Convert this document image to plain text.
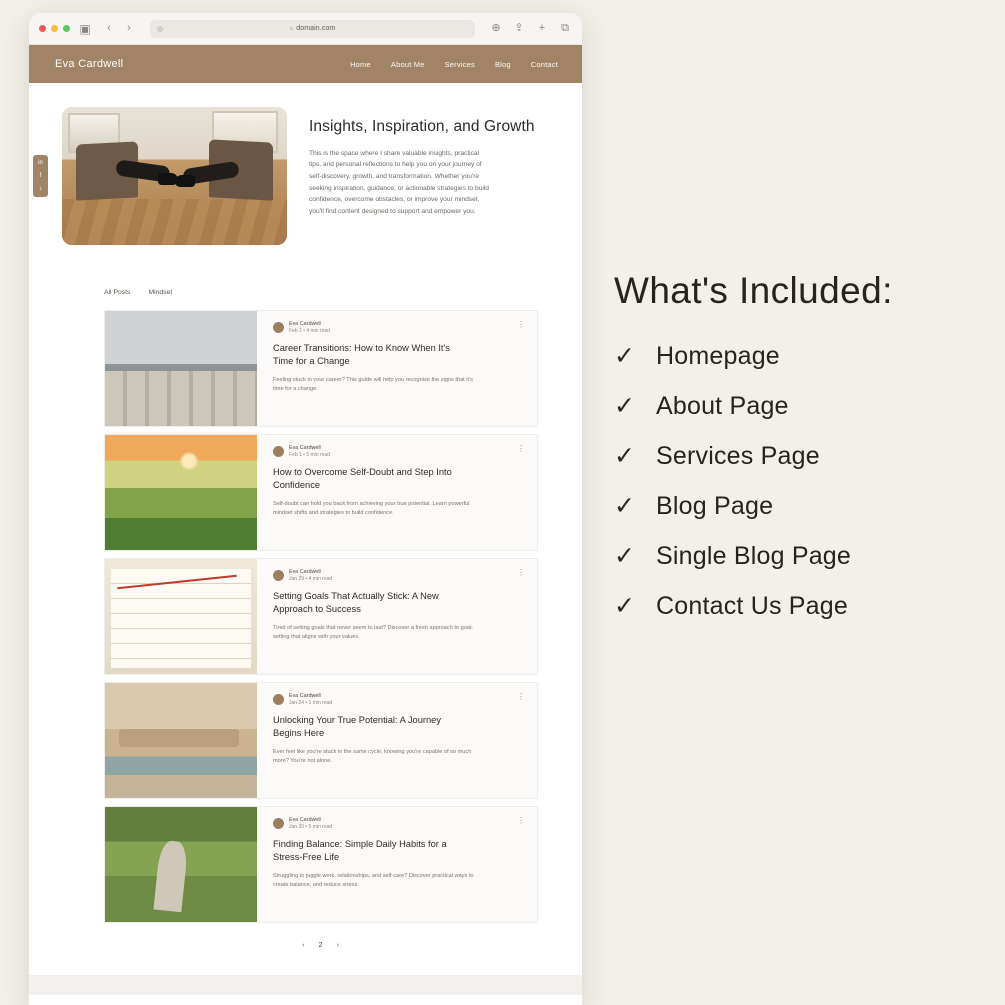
▣	‹	›	◎	⌂ domain.com	⊕ ⇪	+	⧉
Eva Cardwell	Home	About Me	Services	Blog	Contact
in
f
♪
Insights, Inspiration, and Growth
This is the space where I share valuable insights, practical tips, and personal reflections to help you on your journey of self-discovery, growth, and transformation. Whether you're seeking inspiration, guidance, or actionable strategies to build confidence, overcome obstacles, or improve your mindset, you'll find content designed to support and empower you.
All Posts	Mindset
⋮
Eva Cardwell
Feb 1 • 4 min read
Career Transitions: How to Know When It's Time for a Change
Feeling stuck in your career? This guide will help you recognize the signs that it's time for a change.
⋮
Eva Cardwell
Feb 1 • 5 min read
How to Overcome Self-Doubt and Step Into Confidence
Self-doubt can hold you back from achieving your true potential. Learn powerful mindset shifts and strategies to build confidence.
⋮
Eva Cardwell
Jan 29 • 4 min read
Setting Goals That Actually Stick: A New Approach to Success
Tired of setting goals that never seem to last? Discover a fresh approach to goal-setting that aligns with your values.
⋮
Eva Cardwell
Jan 24 • 1 min read
Unlocking Your True Potential: A Journey Begins Here
Ever feel like you're stuck in the same cycle, knowing you're capable of so much more? You're not alone.
⋮
Eva Cardwell
Jan 20 • 5 min read
Finding Balance: Simple Daily Habits for a Stress-Free Life
Struggling to juggle work, relationships, and self-care? Discover practical ways to create balance, and reduce stress.
‹ 2 ›
What's Included:
✓ Homepage
✓ About Page
✓ Services Page
✓ Blog Page
✓ Single Blog Page
✓ Contact Us Page
